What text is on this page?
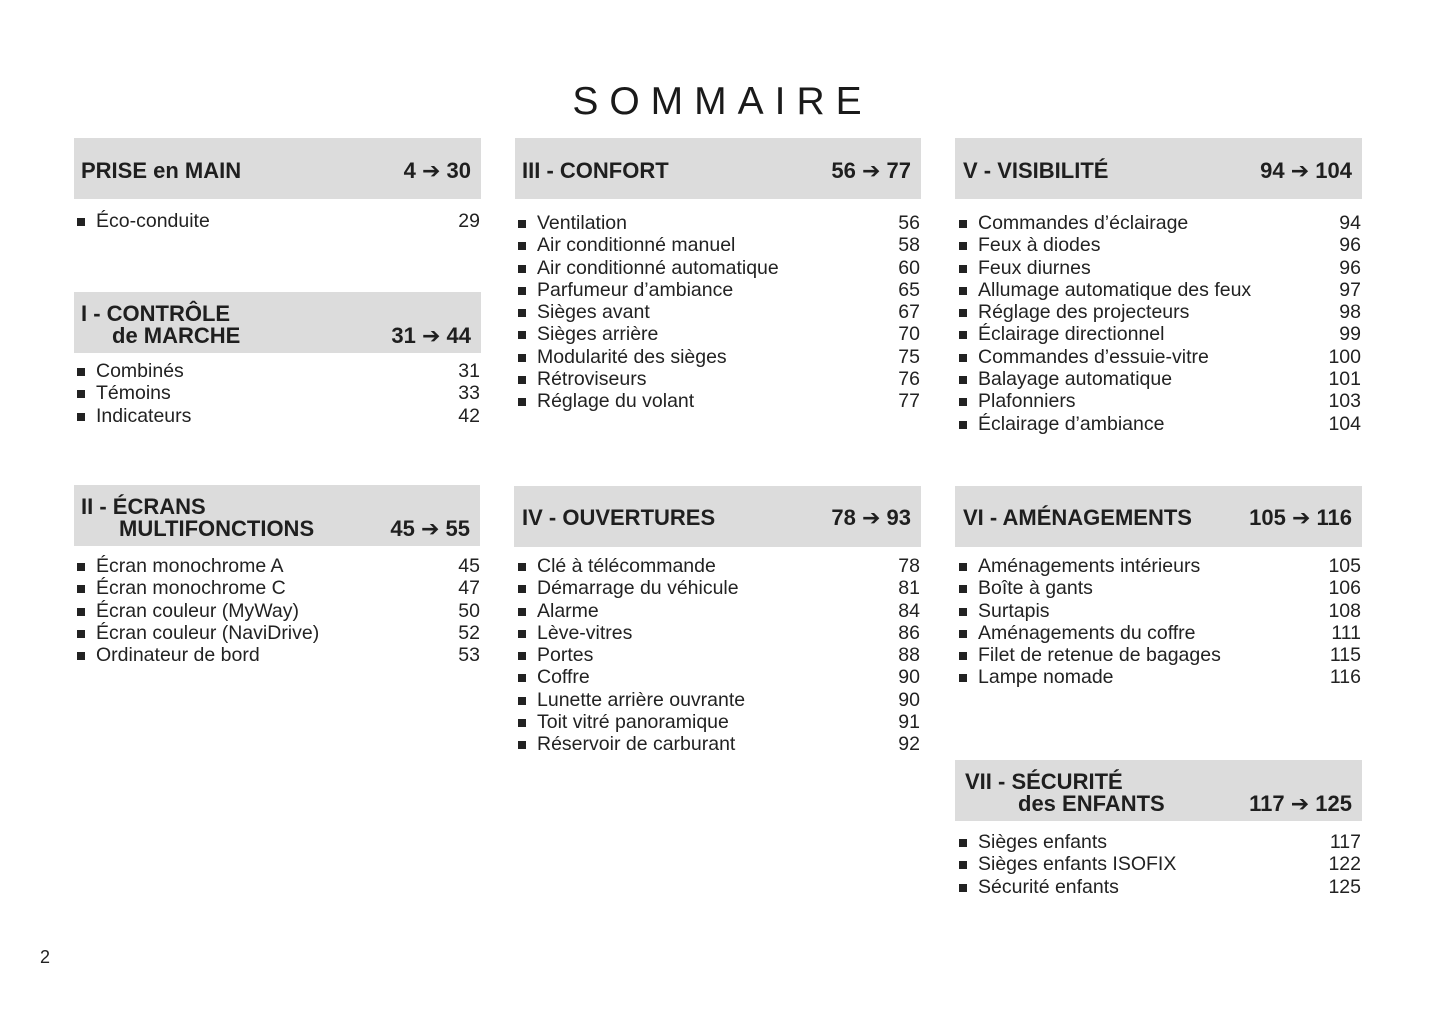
SOMMAIRE
PRISE en MAIN	4 ➔ 30
Éco-conduite	29
I - CONTRÔLE
de MARCHE	31 ➔ 44
Combinés	31
Témoins	33
Indicateurs	42
II - ÉCRANS
MULTIFONCTIONS	45 ➔ 55
Écran monochrome A	45
Écran monochrome C	47
Écran couleur (MyWay)	50
Écran couleur (NaviDrive)	52
Ordinateur de bord	53
III - CONFORT	56 ➔ 77
Ventilation	56
Air conditionné manuel	58
Air conditionné automatique	60
Parfumeur d’ambiance	65
Sièges avant	67
Sièges arrière	70
Modularité des sièges	75
Rétroviseurs	76
Réglage du volant	77
IV - OUVERTURES	78 ➔ 93
Clé à télécommande	78
Démarrage du véhicule	81
Alarme	84
Lève-vitres	86
Portes	88
Coffre	90
Lunette arrière ouvrante	90
Toit vitré panoramique	91
Réservoir de carburant	92
V - VISIBILITÉ	94 ➔ 104
Commandes d’éclairage	94
Feux à diodes	96
Feux diurnes	96
Allumage automatique des feux	97
Réglage des projecteurs	98
Éclairage directionnel	99
Commandes d’essuie-vitre	100
Balayage automatique	101
Plafonniers	103
Éclairage d’ambiance	104
VI - AMÉNAGEMENTS	105 ➔ 116
Aménagements intérieurs	105
Boîte à gants	106
Surtapis	108
Aménagements du coffre	111
Filet de retenue de bagages	115
Lampe nomade	116
VII - SÉCURITÉ
des ENFANTS	117 ➔ 125
Sièges enfants	117
Sièges enfants ISOFIX	122
Sécurité enfants	125
2
